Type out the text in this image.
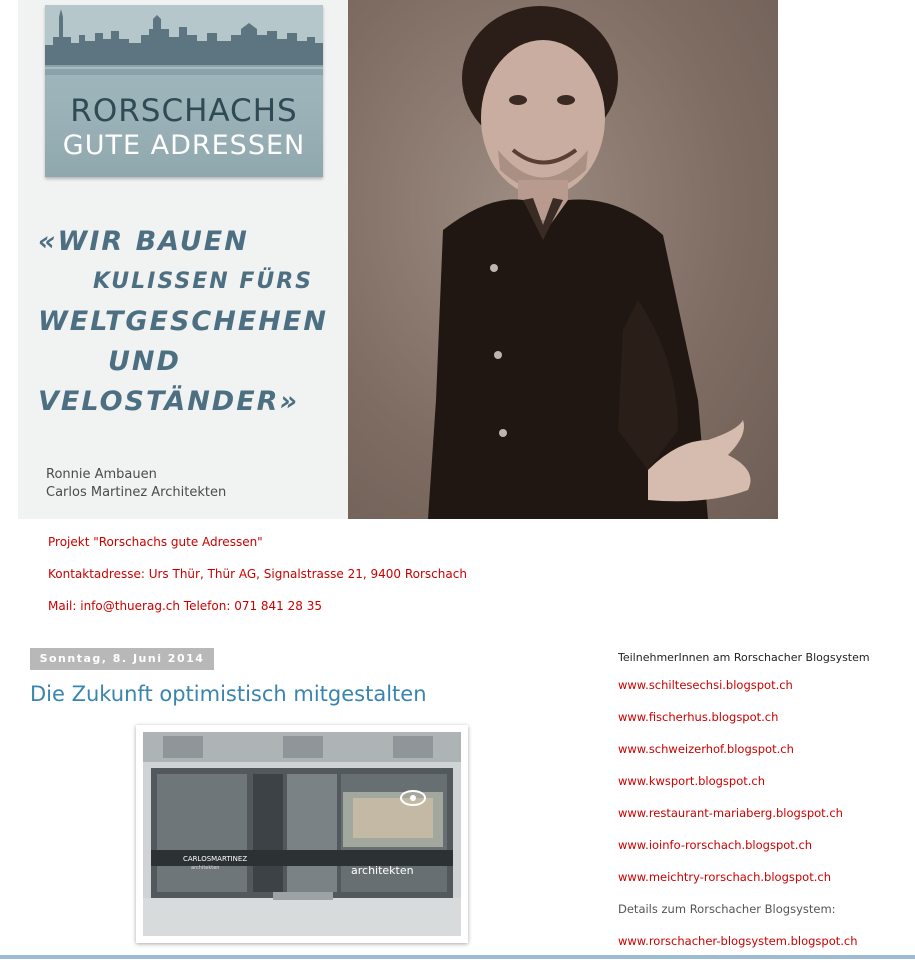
RORSCHACHS
GUTE ADRESSEN
«WIR BAUEN
KULISSEN FÜRS
WELTGESCHEHEN
UND
VELOSTÄNDER»
Ronnie Ambauen
Carlos Martinez Architekten
Projekt "Rorschachs gute Adressen"
Kontaktadresse: Urs Thür, Thür AG, Signalstrasse 21, 9400 Rorschach
Mail: info@thuerag.ch Telefon: 071 841 28 35
Sonntag, 8. Juni 2014
Die Zukunft optimistisch mitgestalten
CARLOSMARTINEZ
architekten	architekten
TeilnehmerInnen am Rorschacher Blogsystem
www.schiltesechsi.blogspot.ch
www.fischerhus.blogspot.ch
www.schweizerhof.blogspot.ch
www.kwsport.blogspot.ch
www.restaurant-mariaberg.blogspot.ch
www.ioinfo-rorschach.blogspot.ch
www.meichtry-rorschach.blogspot.ch
Details zum Rorschacher Blogsystem:
www.rorschacher-blogsystem.blogspot.ch
